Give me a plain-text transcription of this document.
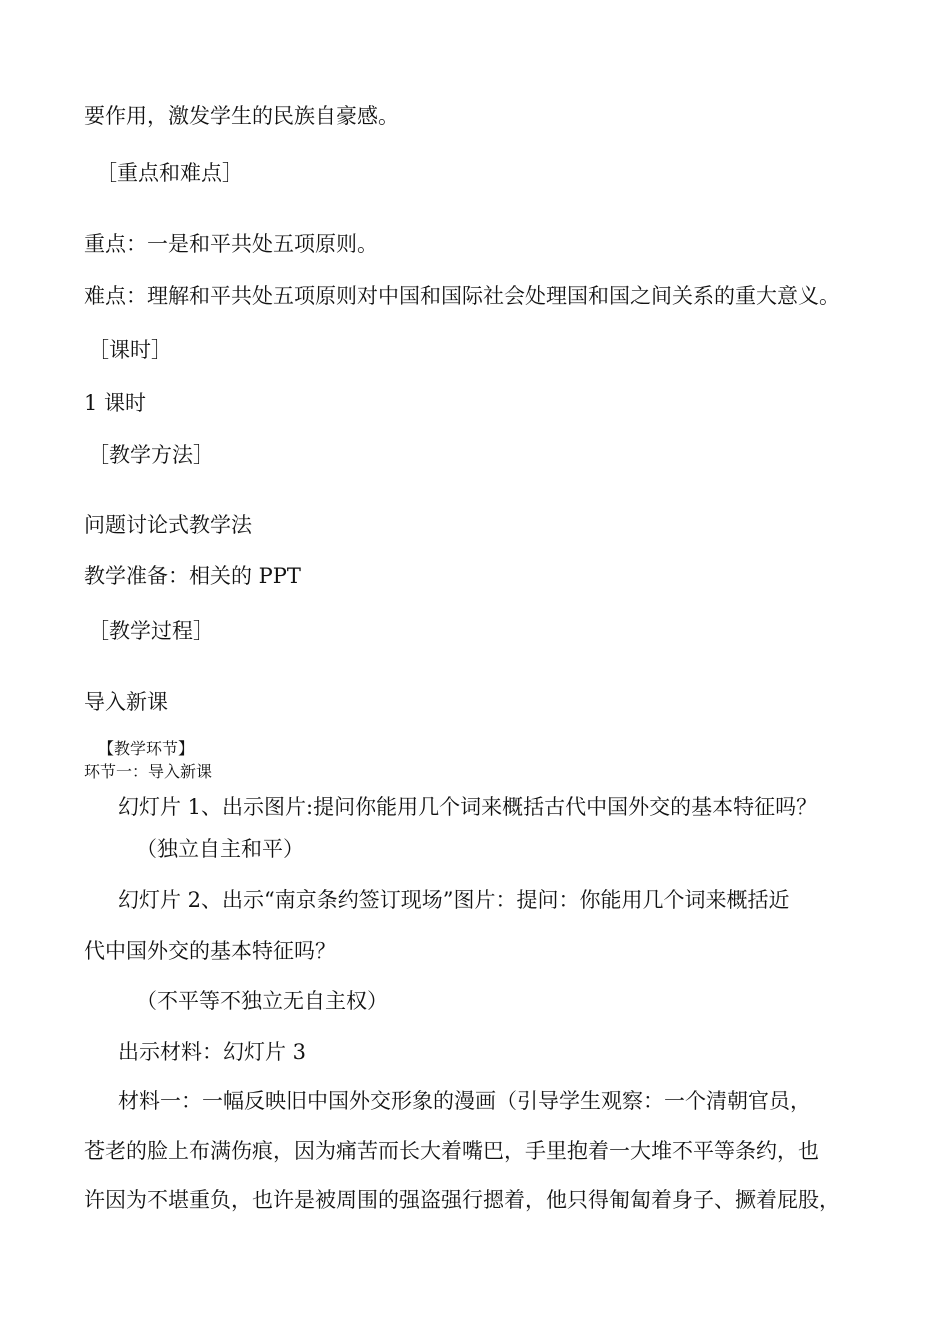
要作用，激发学生的民族自豪感。
［重点和难点］
重点：一是和平共处五项原则。
难点：理解和平共处五项原则对中国和国际社会处理国和国之间关系的重大意义。
［课时］
1 课时
［教学方法］
问题讨论式教学法
教学准备：相关的 PPT
［教学过程］
导入新课
【教学环节】
环节一：导入新课
幻灯片 1、出示图片:提问你能用几个词来概括古代中国外交的基本特征吗？
（独立自主和平）
幻灯片 2、出示“南京条约签订现场”图片：提问：你能用几个词来概括近
代中国外交的基本特征吗？
（不平等不独立无自主权）
出示材料：幻灯片 3
材料一：一幅反映旧中国外交形象的漫画（引导学生观察：一个清朝官员，
苍老的脸上布满伤痕，因为痛苦而长大着嘴巴，手里抱着一大堆不平等条约，也
许因为不堪重负，也许是被周围的强盗强行摁着，他只得匍匐着身子、撅着屁股，
